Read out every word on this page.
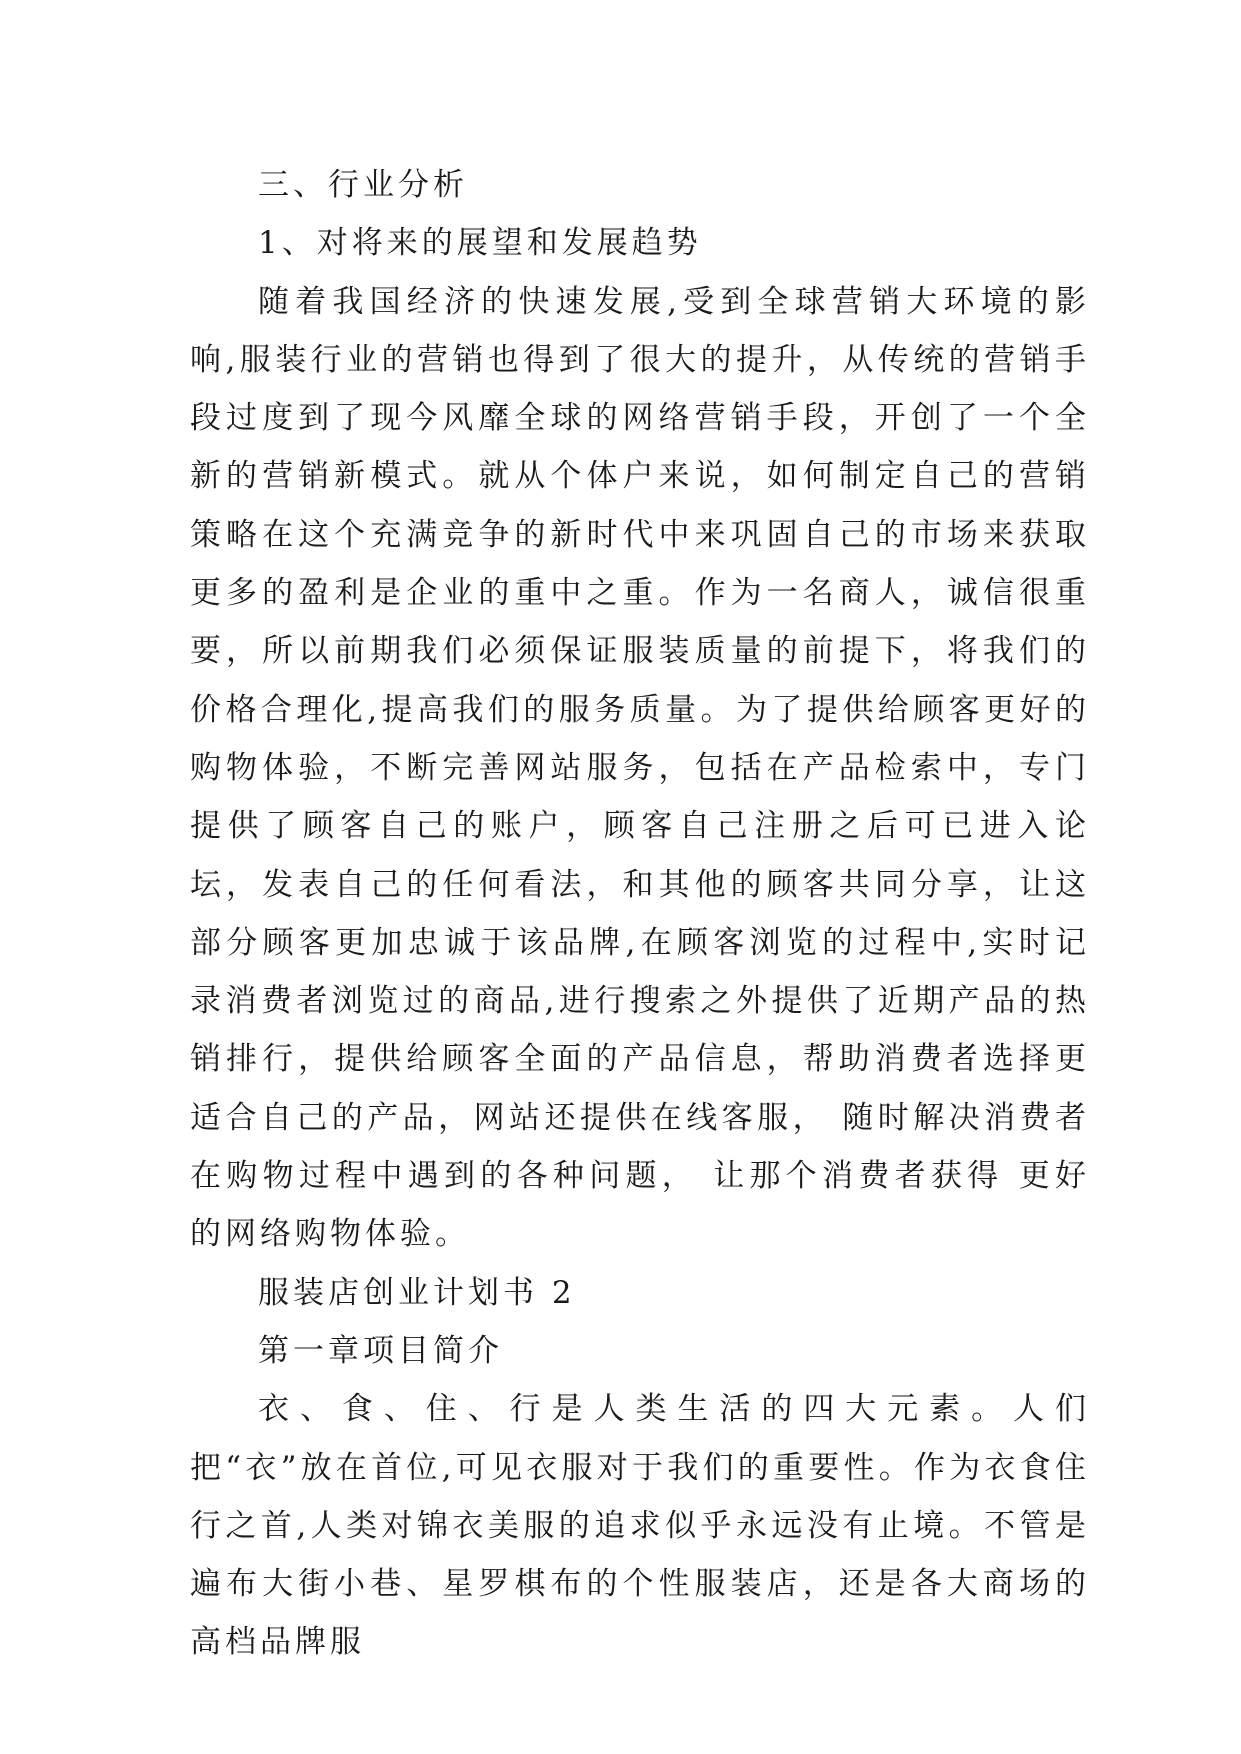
三、行业分析

1、对将来的展望和发展趋势

随着我国经济的快速发展,受到全球营销大环境的影响,服装行业的营销也得到了很大的提升，从传统的营销手段过度到了现今风靡全球的网络营销手段，开创了一个全新的营销新模式。就从个体户来说，如何制定自己的营销策略在这个充满竞争的新时代中来巩固自己的市场来获取更多的盈利是企业的重中之重。作为一名商人，诚信很重要，所以前期我们必须保证服装质量的前提下，将我们的价格合理化,提高我们的服务质量。为了提供给顾客更好的购物体验，不断完善网站服务，包括在产品检索中，专门提供了顾客自己的账户，顾客自己注册之后可已进入论坛，发表自己的任何看法，和其他的顾客共同分享，让这部分顾客更加忠诚于该品牌,在顾客浏览的过程中,实时记录消费者浏览过的商品,进行搜索之外提供了近期产品的热销排行，提供给顾客全面的产品信息，帮助消费者选择更适合自己的产品，网站还提供在线客服， 随时解决消费者在购物过程中遇到的各种问题， 让那个消费者获得 更好的网络购物体验。

服装店创业计划书 2

第一章项目简介

衣、食、住、行是人类生活的四大元素。人们把“衣”放在首位,可见衣服对于我们的重要性。作为衣食住行之首,人类对锦衣美服的追求似乎永远没有止境。不管是遍布大街小巷、星罗棋布的个性服装店，还是各大商场的高档品牌服
